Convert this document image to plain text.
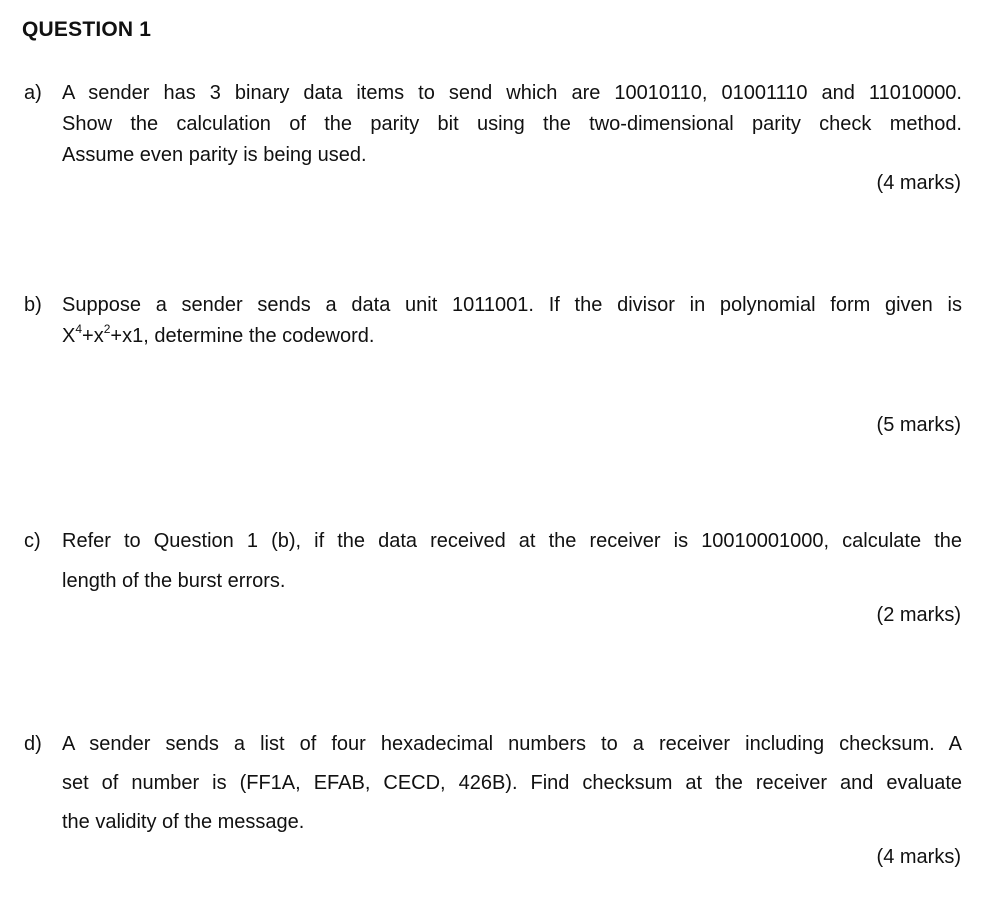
QUESTION 1
a)	A sender has 3 binary data items to send which are 10010110, 01001110 and 11010000.
Show the calculation of the parity bit using the two-dimensional parity check method.
Assume even parity is being used.
(4 marks)
b)	Suppose a sender sends a data unit 1011001. If the divisor in polynomial form given is
$X^4+x^2+x1$, determine the codeword.
(5 marks)
c)	Refer to Question 1 (b), if the data received at the receiver is 10010001000, calculate the
length of the burst errors.
(2 marks)
d)	A sender sends a list of four hexadecimal numbers to a receiver including checksum. A
set of number is (FF1A, EFAB, CECD, 426B). Find checksum at the receiver and evaluate
the validity of the message.
(4 marks)
